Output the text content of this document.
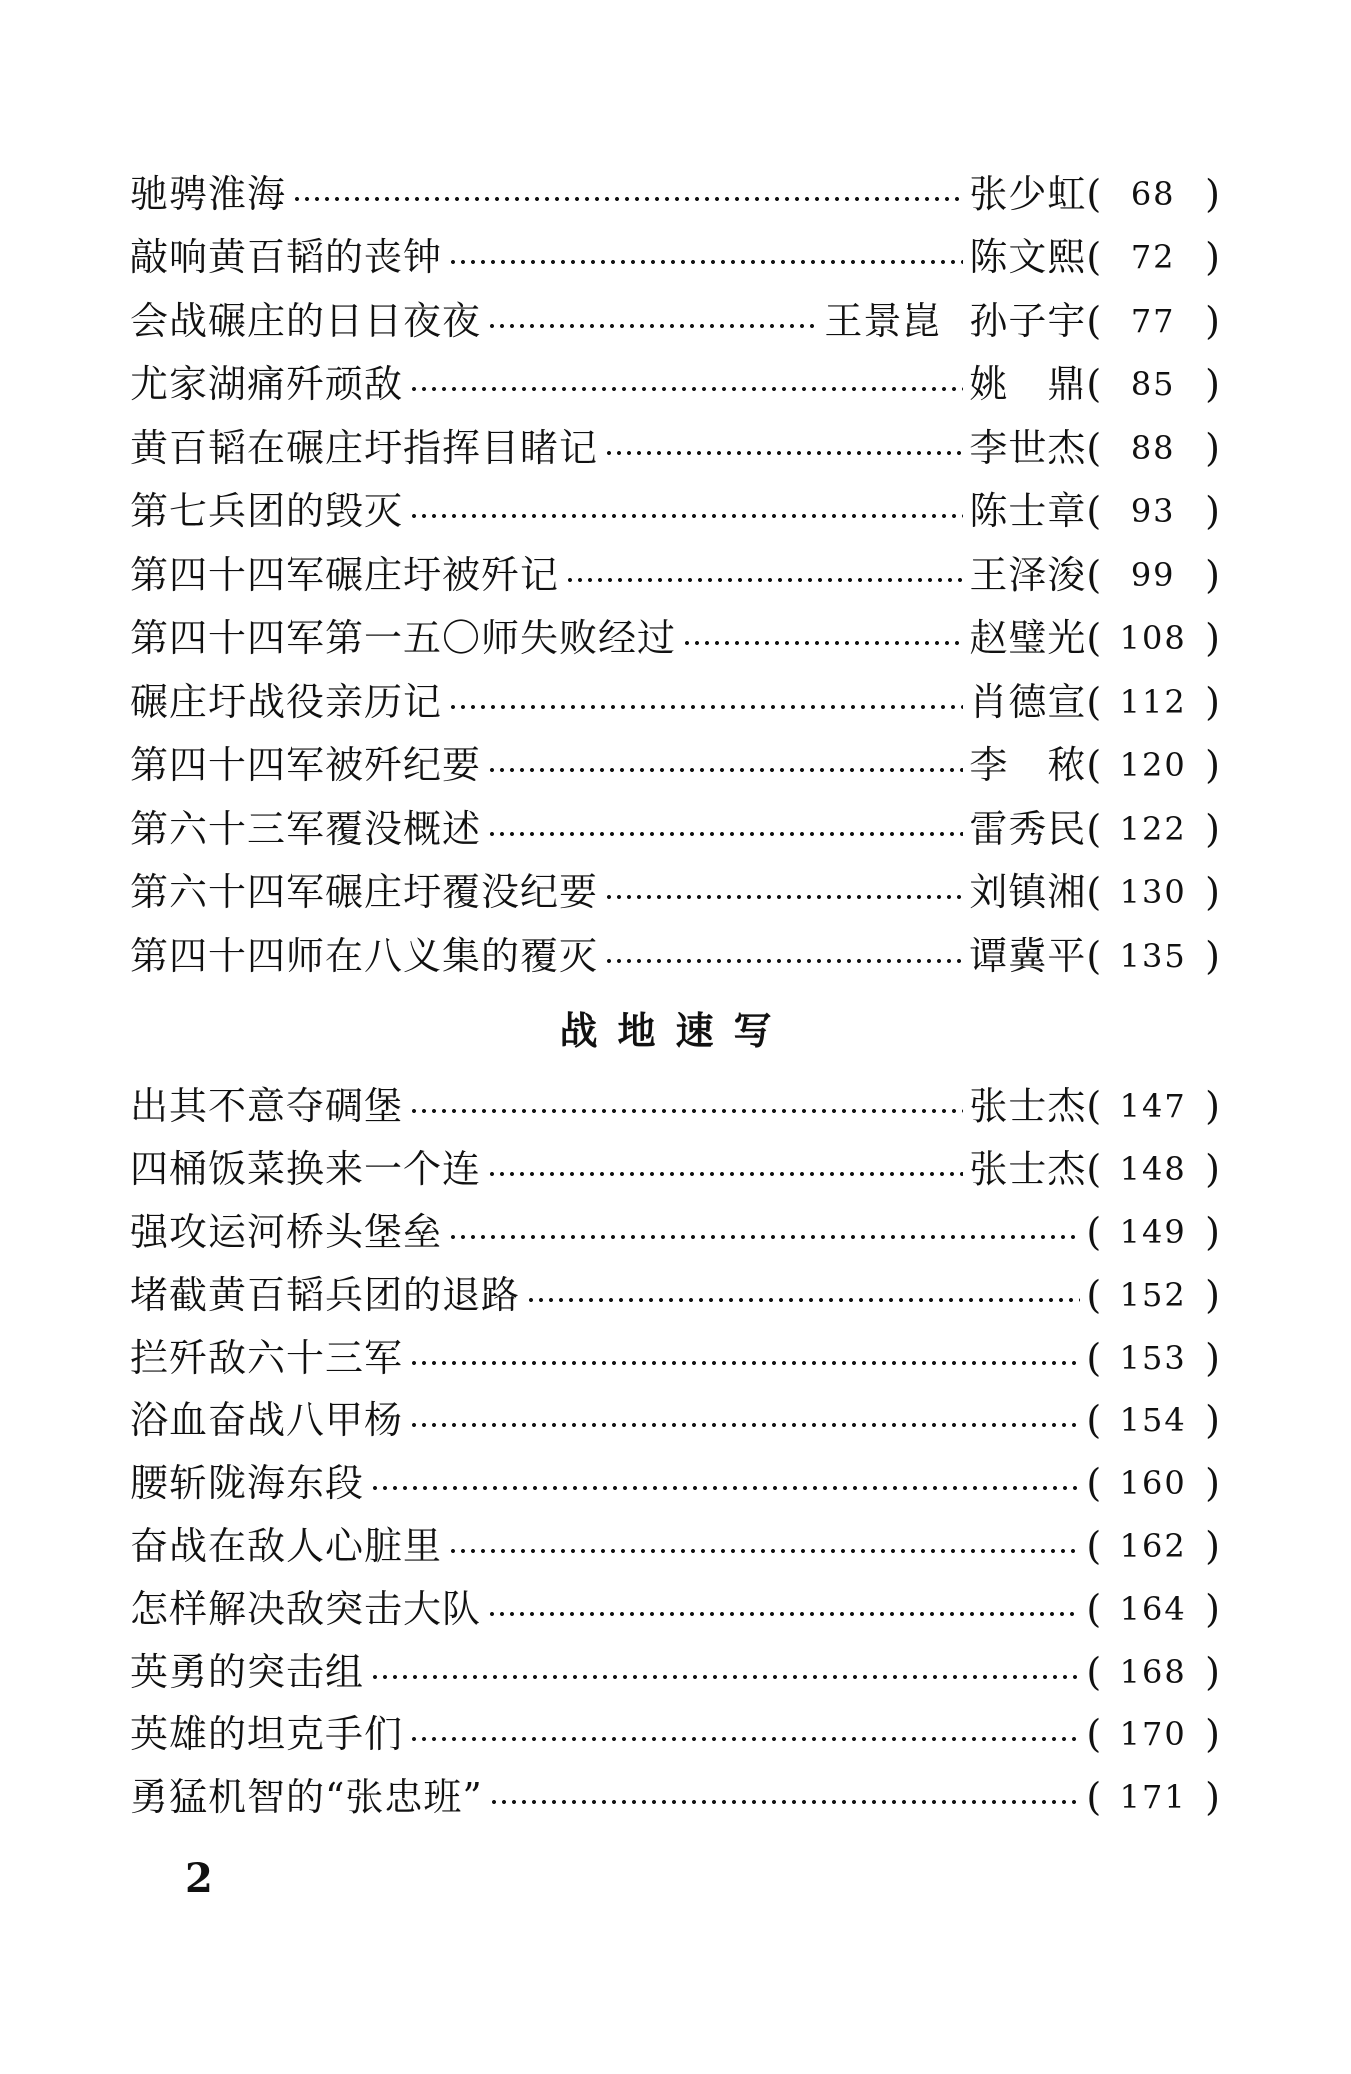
驰骋淮海	张少虹 ( 68 )
敲响黄百韬的丧钟	陈文熙 ( 72 )
会战碾庄的日日夜夜	王景崑 孙子宇 ( 77 )
尤家湖痛歼顽敌	姚　鼎 ( 85 )
黄百韬在碾庄圩指挥目睹记	李世杰 ( 88 )
第七兵团的毁灭	陈士章 ( 93 )
第四十四军碾庄圩被歼记	王泽浚 ( 99 )
第四十四军第一五〇师失败经过	赵璧光 ( 108 )
碾庄圩战役亲历记	肖德宣 ( 112 )
第四十四军被歼纪要	李　秾 ( 120 )
第六十三军覆没概述	雷秀民 ( 122 )
第六十四军碾庄圩覆没纪要	刘镇湘 ( 130 )
第四十四师在八义集的覆灭	谭冀平 ( 135 )
战地速写
出其不意夺碉堡	张士杰 ( 147 )
四桶饭菜换来一个连	张士杰 ( 148 )
强攻运河桥头堡垒	( 149 )
堵截黄百韬兵团的退路	( 152 )
拦歼敌六十三军	( 153 )
浴血奋战八甲杨	( 154 )
腰斩陇海东段	( 160 )
奋战在敌人心脏里	( 162 )
怎样解决敌突击大队	( 164 )
英勇的突击组	( 168 )
英雄的坦克手们	( 170 )
勇猛机智的“张忠班”	( 171 )
2
